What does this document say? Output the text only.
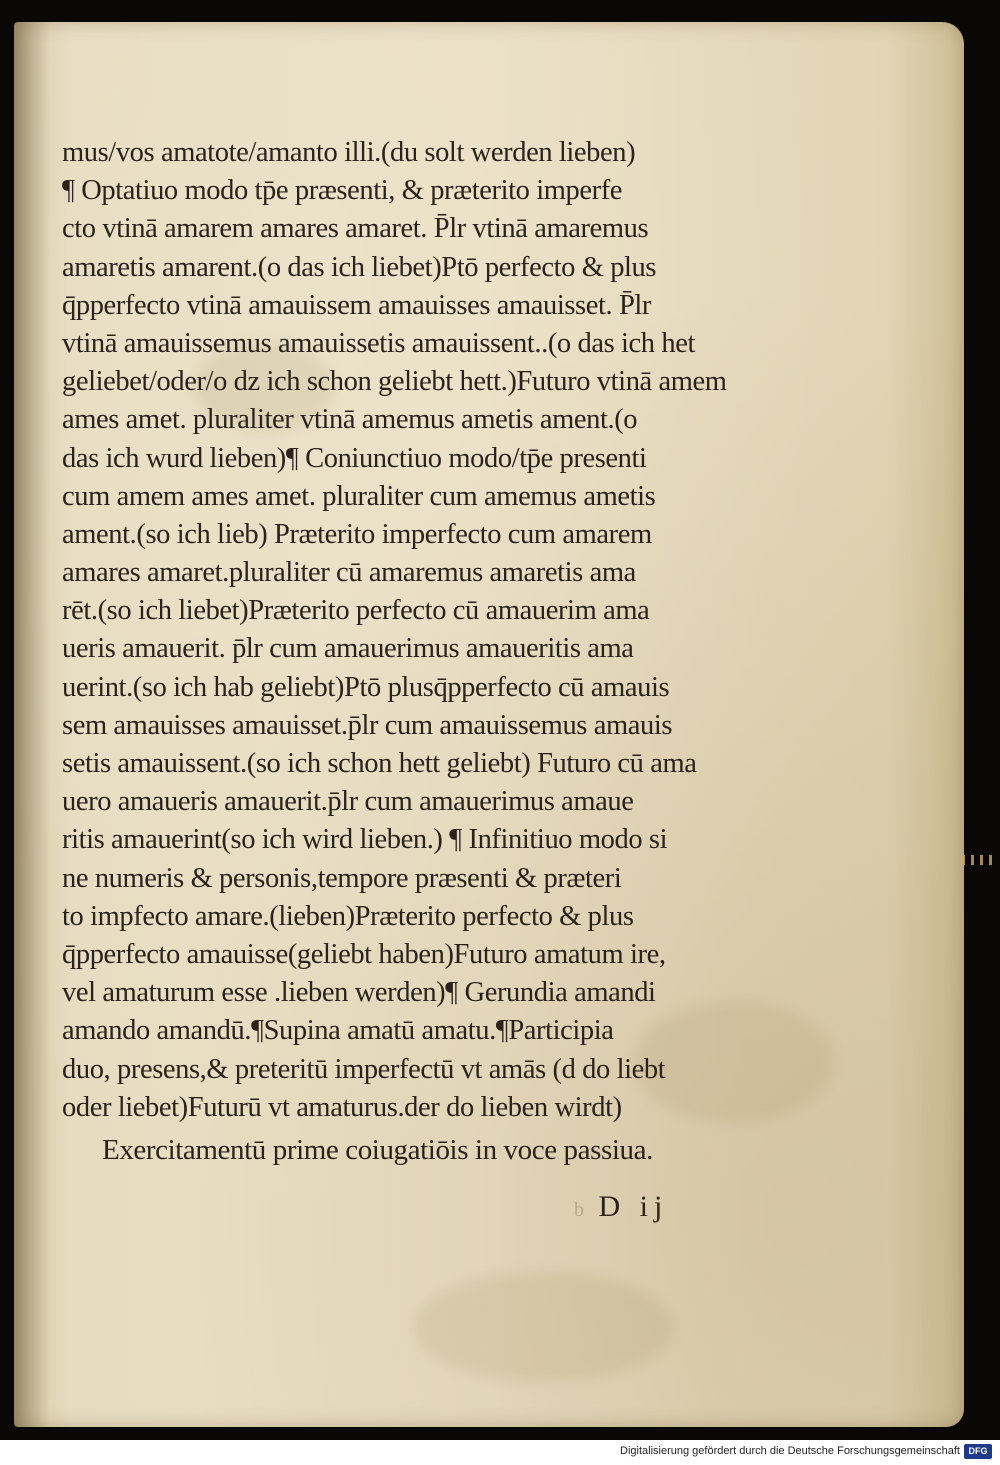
mus/vos amatote/amanto illi.(du solt werden lieben)
¶ Optatiuo modo tp̄e præsenti, & præterito imperfe
cto vtinā amarem amares amaret. P̄lr vtinā amaremus
amaretis amarent.(o das ich liebet)Ptō perfecto & plus
q̄pperfecto vtinā amauissem amauisses amauisset. P̄lr
vtinā amauissemus amauissetis amauissent..(o das ich het
geliebet/oder/o dz ich schon geliebt hett.)Futuro vtinā amem
ames amet. pluraliter vtinā amemus ametis ament.(o
das ich wurd lieben)¶ Coniunctiuo modo/tp̄e presenti
cum amem ames amet. pluraliter cum amemus ametis
ament.(so ich lieb) Præterito imperfecto cum amarem
amares amaret.pluraliter cū amaremus amaretis ama
rēt.(so ich liebet)Præterito perfecto cū amauerim ama
ueris amauerit. p̄lr cum amauerimus amaueritis ama
uerint.(so ich hab geliebt)Ptō plusq̄pperfecto cū amauis
sem amauisses amauisset.p̄lr cum amauissemus amauis
setis amauissent.(so ich schon hett geliebt) Futuro cū ama
uero amaueris amauerit.p̄lr cum amauerimus amaue
ritis amauerint(so ich wird lieben.) ¶ Infinitiuo modo si
ne numeris & personis,tempore præsenti & præteri
to impfecto amare.(lieben)Præterito perfecto & plus
q̄pperfecto amauisse(geliebt haben)Futuro amatum ire,
vel amaturum esse .lieben werden)¶ Gerundia amandi
amando amandū.¶Supina amatū amatu.¶Participia
duo, presens,& preteritū imperfectū vt amās (d do liebt
oder liebet)Futurū vt amaturus.der do lieben wirdt)
Exercitamentū prime coiugatiōis in voce passiua.
b D ij
Digitalisierung gefördert durch die Deutsche Forschungsgemeinschaft DFG
